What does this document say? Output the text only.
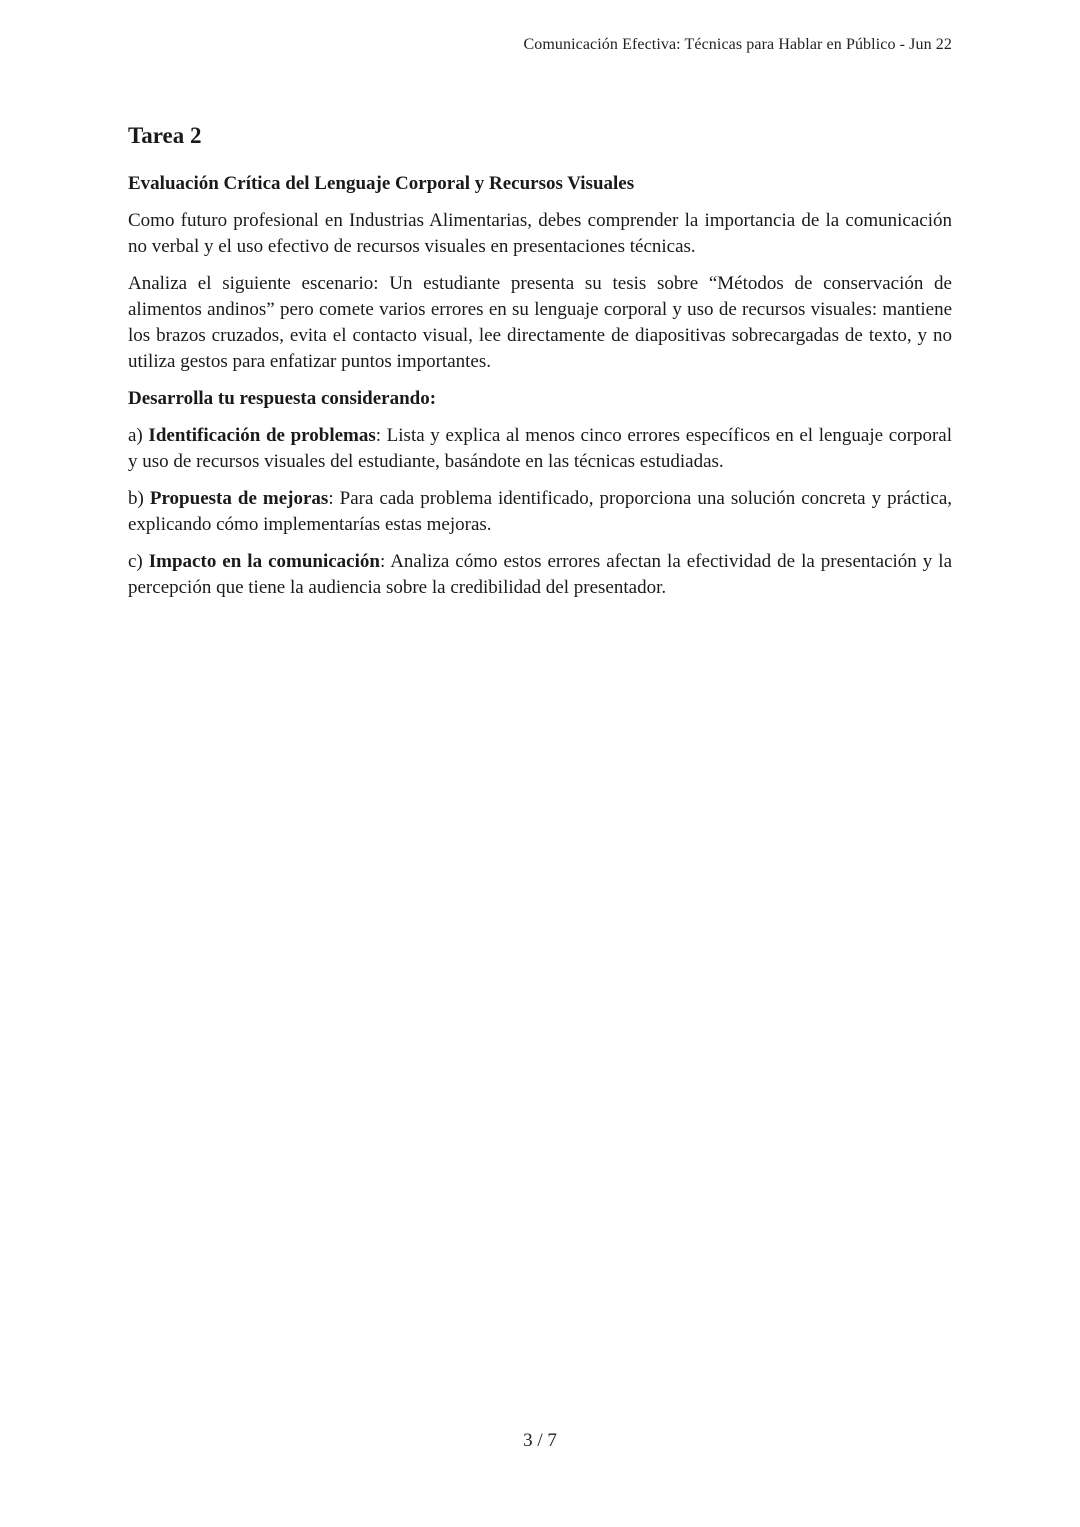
Comunicación Efectiva: Técnicas para Hablar en Público - Jun 22
Tarea 2
Evaluación Crítica del Lenguaje Corporal y Recursos Visuales

Como futuro profesional en Industrias Alimentarias, debes comprender la importancia de la comunicación no verbal y el uso efectivo de recursos visuales en presentaciones técnicas.

Analiza el siguiente escenario: Un estudiante presenta su tesis sobre “Métodos de conservación de alimentos andinos” pero comete varios errores en su lenguaje corporal y uso de recursos visuales: mantiene los brazos cruzados, evita el contacto visual, lee directamente de diapositivas sobrecargadas de texto, y no utiliza gestos para enfatizar puntos importantes.

Desarrolla tu respuesta considerando:

a) Identificación de problemas: Lista y explica al menos cinco errores específicos en el lenguaje corporal y uso de recursos visuales del estudiante, basándote en las técnicas estudiadas.

b) Propuesta de mejoras: Para cada problema identificado, proporciona una solución concreta y práctica, explicando cómo implementarías estas mejoras.

c) Impacto en la comunicación: Analiza cómo estos errores afectan la efectividad de la presentación y la percepción que tiene la audiencia sobre la credibilidad del presentador.

3 / 7
